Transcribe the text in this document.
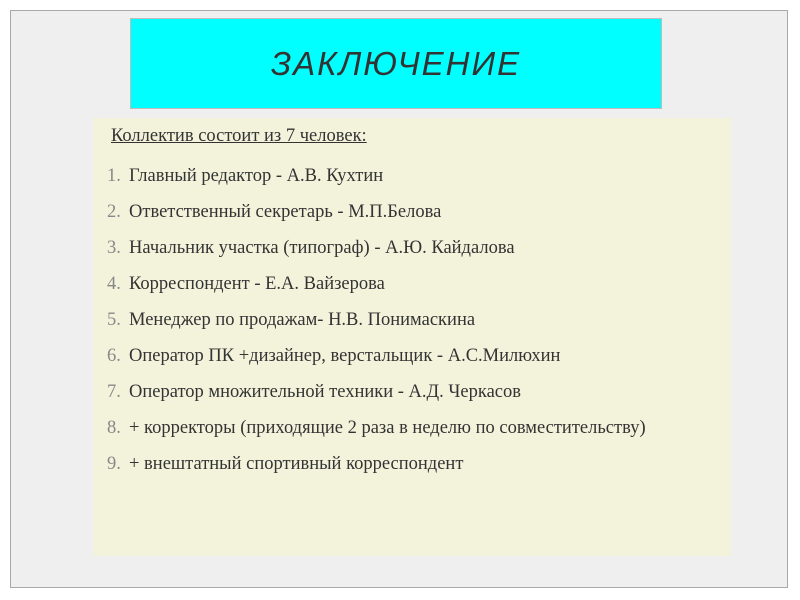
ЗАКЛЮЧЕНИЕ
Коллектив состоит из 7 человек:
1. Главный редактор - А.В. Кухтин
2. Ответственный секретарь - М.П.Белова
3. Начальник участка (типограф) - А.Ю. Кайдалова
4. Корреспондент - Е.А. Вайзерова
5. Менеджер по продажам- Н.В. Понимаскина
6. Оператор ПК +дизайнер, верстальщик - А.С.Милюхин
7. Оператор множительной техники - А.Д. Черкасов
8. + корректоры (приходящие 2 раза в неделю по совместительству)
9. + внештатный спортивный корреспондент
